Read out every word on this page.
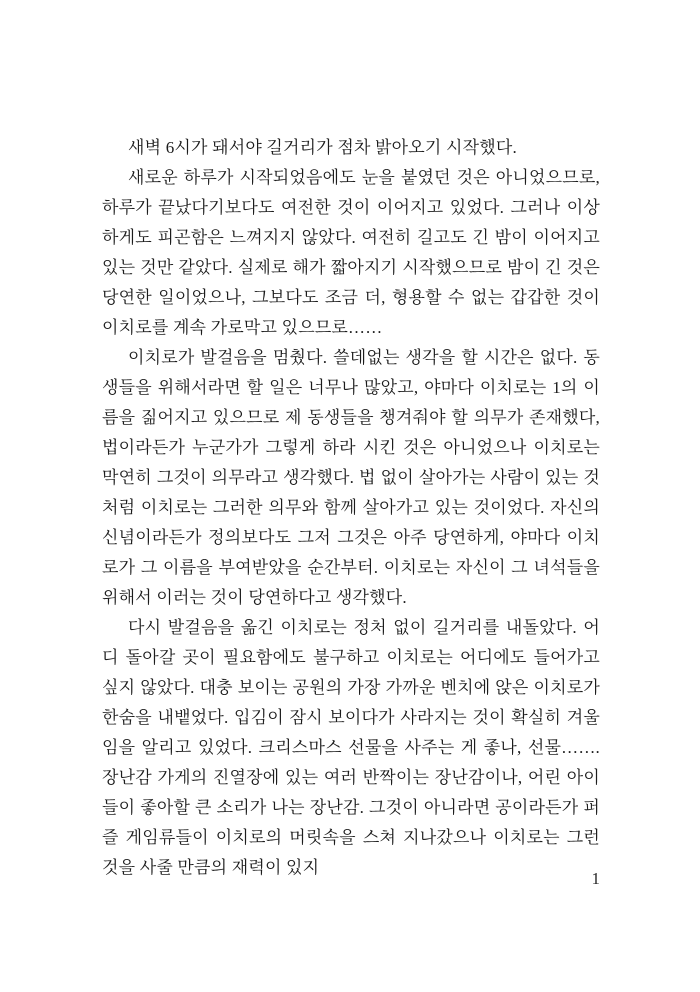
새벽 6시가 돼서야 길거리가 점차 밝아오기 시작했다.

새로운 하루가 시작되었음에도 눈을 붙였던 것은 아니었으므로, 하루가 끝났다기보다도 여전한 것이 이어지고 있었다. 그러나 이상하게도 피곤함은 느껴지지 않았다. 여전히 길고도 긴 밤이 이어지고 있는 것만 같았다. 실제로 해가 짧아지기 시작했으므로 밤이 긴 것은 당연한 일이었으나, 그보다도 조금 더, 형용할 수 없는 갑갑한 것이 이치로를 계속 가로막고 있으므로……

이치로가 발걸음을 멈췄다. 쓸데없는 생각을 할 시간은 없다. 동생들을 위해서라면 할 일은 너무나 많았고, 야마다 이치로는 1의 이름을 짊어지고 있으므로 제 동생들을 챙겨줘야 할 의무가 존재했다, 법이라든가 누군가가 그렇게 하라 시킨 것은 아니었으나 이치로는 막연히 그것이 의무라고 생각했다. 법 없이 살아가는 사람이 있는 것처럼 이치로는 그러한 의무와 함께 살아가고 있는 것이었다. 자신의 신념이라든가 정의보다도 그저 그것은 아주 당연하게, 야마다 이치로가 그 이름을 부여받았을 순간부터. 이치로는 자신이 그 녀석들을 위해서 이러는 것이 당연하다고 생각했다.

다시 발걸음을 옮긴 이치로는 정처 없이 길거리를 내돌았다. 어디 돌아갈 곳이 필요함에도 불구하고 이치로는 어디에도 들어가고 싶지 않았다. 대충 보이는 공원의 가장 가까운 벤치에 앉은 이치로가 한숨을 내뱉었다. 입김이 잠시 보이다가 사라지는 것이 확실히 겨울임을 알리고 있었다. 크리스마스 선물을 사주는 게 좋나, 선물……. 장난감 가게의 진열장에 있는 여러 반짝이는 장난감이나, 어린 아이들이 좋아할 큰 소리가 나는 장난감. 그것이 아니라면 공이라든가 퍼즐 게임류들이 이치로의 머릿속을 스쳐 지나갔으나 이치로는 그런 것을 사줄 만큼의 재력이 있지

1
